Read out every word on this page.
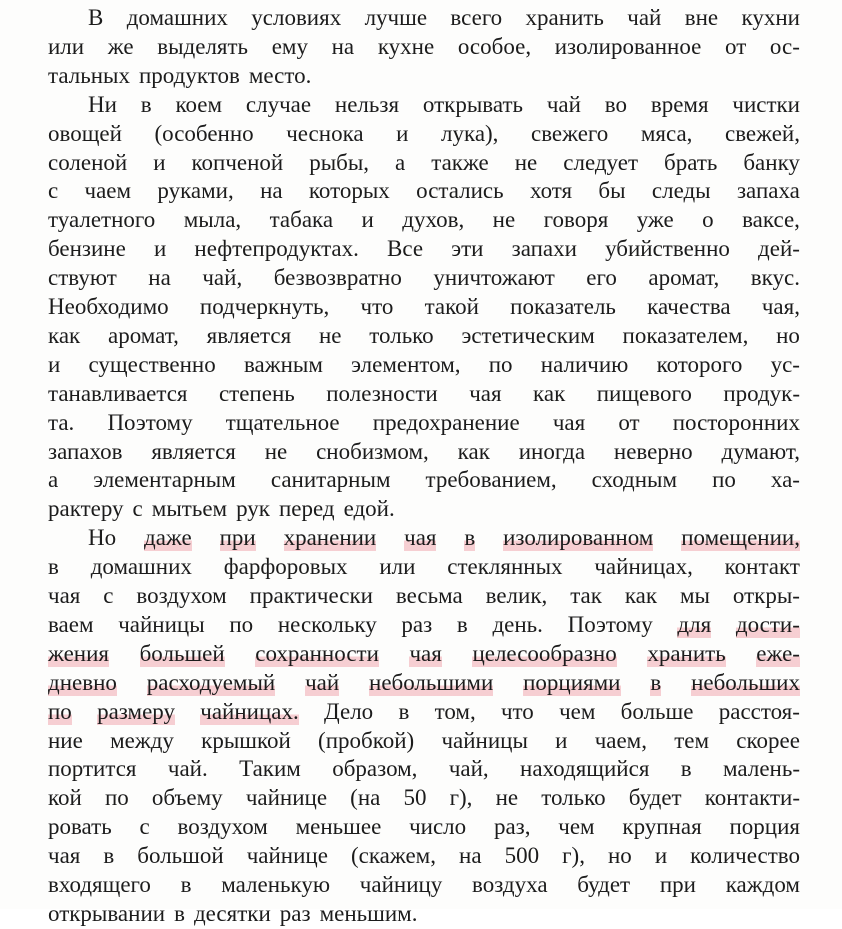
В домашних условиях лучше всего хранить чай вне кухни
или же выделять ему на кухне особое, изолированное от ос-
тальных продуктов место.
Ни в коем случае нельзя открывать чай во время чистки
овощей (особенно чеснока и лука), свежего мяса, свежей,
соленой и копченой рыбы, а также не следует брать банку
с чаем руками, на которых остались хотя бы следы запаха
туалетного мыла, табака и духов, не говоря уже о ваксе,
бензине и нефтепродуктах. Все эти запахи убийственно дей-
ствуют на чай, безвозвратно уничтожают его аромат, вкус.
Необходимо подчеркнуть, что такой показатель качества чая,
как аромат, является не только эстетическим показателем, но
и существенно важным элементом, по наличию которого ус-
танавливается степень полезности чая как пищевого продук-
та. Поэтому тщательное предохранение чая от посторонних
запахов является не снобизмом, как иногда неверно думают,
а элементарным санитарным требованием, сходным по ха-
рактеру с мытьем рук перед едой.
Но даже при хранении чая в изолированном помещении,
в домашних фарфоровых или стеклянных чайницах, контакт
чая с воздухом практически весьма велик, так как мы откры-
ваем чайницы по нескольку раз в день. Поэтому для дости-
жения большей сохранности чая целесообразно хранить еже-
дневно расходуемый чай небольшими порциями в небольших
по размеру чайницах. Дело в том, что чем больше расстоя-
ние между крышкой (пробкой) чайницы и чаем, тем скорее
портится чай. Таким образом, чай, находящийся в малень-
кой по объему чайнице (на 50 г), не только будет контакти-
ровать с воздухом меньшее число раз, чем крупная порция
чая в большой чайнице (скажем, на 500 г), но и количество
входящего в маленькую чайницу воздуха будет при каждом
открывании в десятки раз меньшим.
